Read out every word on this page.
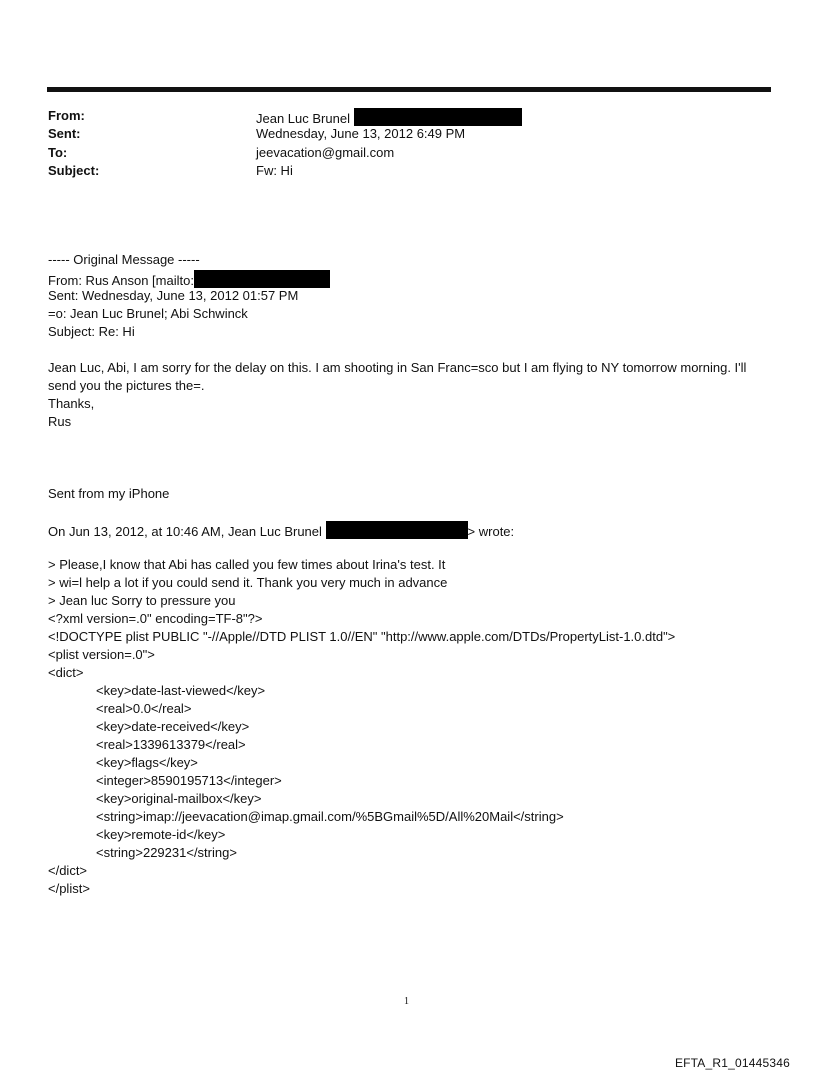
From:	Jean Luc Brunel
Sent:	Wednesday, June 13, 2012 6:49 PM
To:	jeevacation@gmail.com
Subject:	Fw: Hi
----- Original Message -----
From: Rus Anson [mailto:
Sent: Wednesday, June 13, 2012 01:57 PM
=o: Jean Luc Brunel; Abi Schwinck
Subject: Re: Hi
Jean Luc, Abi, I am sorry for the delay on this. I am shooting in San Franc=sco but I am flying to NY tomorrow morning. I'll
send you the pictures the=.
Thanks,
Rus
Sent from my iPhone
On Jun 13, 2012, at 10:46 AM, Jean Luc Brunel	> wrote:
> Please,I know that Abi has called you few times about Irina's test. It
> wi=l help a lot if you could send it. Thank you very much in advance
> Jean luc Sorry to pressure you
<?xml version=.0" encoding=TF-8"?>
<!DOCTYPE plist PUBLIC "-//Apple//DTD PLIST 1.0//EN" "http://www.apple.com/DTDs/PropertyList-1.0.dtd">
<plist version=.0">
<dict>
<key>date-last-viewed</key>
<real>0.0</real>
<key>date-received</key>
<real>1339613379</real>
<key>flags</key>
<integer>8590195713</integer>
<key>original-mailbox</key>
<string>imap://jeevacation@imap.gmail.com/%5BGmail%5D/All%20Mail</string>
<key>remote-id</key>
<string>229231</string>
</dict>
</plist>
1
EFTA_R1_01445346
